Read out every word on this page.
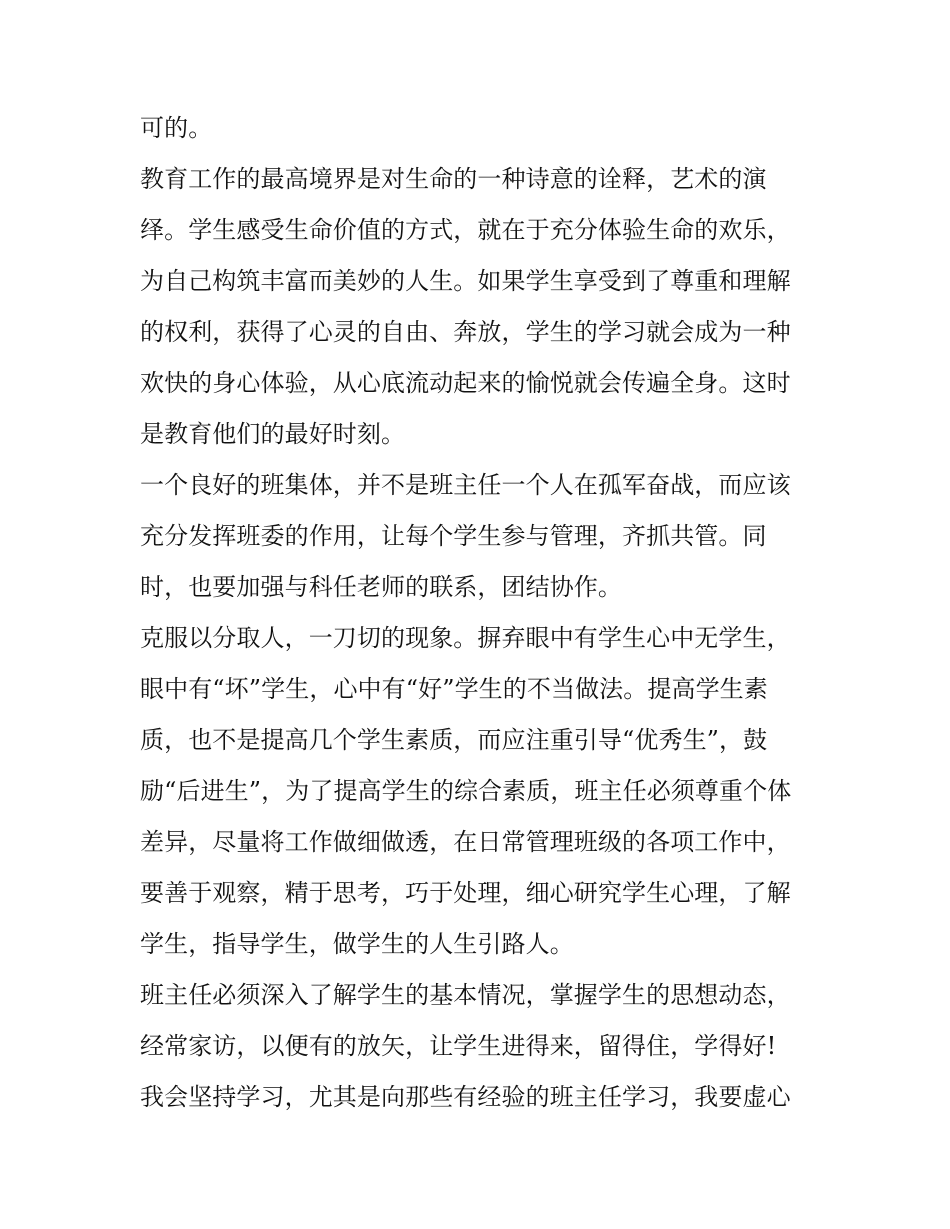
可的。
教育工作的最高境界是对生命的一种诗意的诠释，艺术的演
绎。学生感受生命价值的方式，就在于充分体验生命的欢乐，
为自己构筑丰富而美妙的人生。如果学生享受到了尊重和理解
的权利，获得了心灵的自由、奔放，学生的学习就会成为一种
欢快的身心体验，从心底流动起来的愉悦就会传遍全身。这时
是教育他们的最好时刻。
一个良好的班集体，并不是班主任一个人在孤军奋战，而应该
充分发挥班委的作用，让每个学生参与管理，齐抓共管。同
时，也要加强与科任老师的联系，团结协作。
克服以分取人，一刀切的现象。摒弃眼中有学生心中无学生，
眼中有“坏”学生，心中有“好”学生的不当做法。提高学生素
质，也不是提高几个学生素质，而应注重引导“优秀生”，鼓
励“后进生”，为了提高学生的综合素质，班主任必须尊重个体
差异，尽量将工作做细做透，在日常管理班级的各项工作中，
要善于观察，精于思考，巧于处理，细心研究学生心理，了解
学生，指导学生，做学生的人生引路人。
班主任必须深入了解学生的基本情况，掌握学生的思想动态，
经常家访，以便有的放矢，让学生进得来，留得住，学得好!
我会坚持学习，尤其是向那些有经验的班主任学习，我要虚心
